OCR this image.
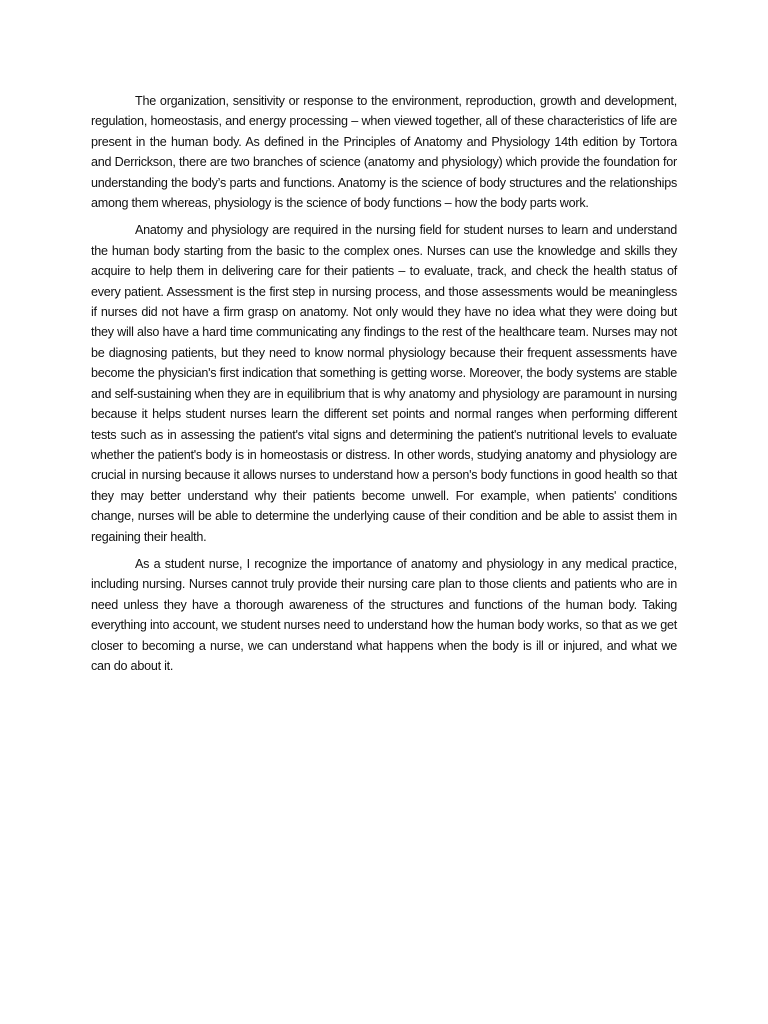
The organization, sensitivity or response to the environment, reproduction, growth and development, regulation, homeostasis, and energy processing – when viewed together, all of these characteristics of life are present in the human body. As defined in the Principles of Anatomy and Physiology 14th edition by Tortora and Derrickson, there are two branches of science (anatomy and physiology) which provide the foundation for understanding the body’s parts and functions. Anatomy is the science of body structures and the relationships among them whereas, physiology is the science of body functions – how the body parts work.

Anatomy and physiology are required in the nursing field for student nurses to learn and understand the human body starting from the basic to the complex ones. Nurses can use the knowledge and skills they acquire to help them in delivering care for their patients – to evaluate, track, and check the health status of every patient. Assessment is the first step in nursing process, and those assessments would be meaningless if nurses did not have a firm grasp on anatomy. Not only would they have no idea what they were doing but they will also have a hard time communicating any findings to the rest of the healthcare team. Nurses may not be diagnosing patients, but they need to know normal physiology because their frequent assessments have become the physician's first indication that something is getting worse. Moreover, the body systems are stable and self-sustaining when they are in equilibrium that is why anatomy and physiology are paramount in nursing because it helps student nurses learn the different set points and normal ranges when performing different tests such as in assessing the patient's vital signs and determining the patient's nutritional levels to evaluate whether the patient's body is in homeostasis or distress. In other words, studying anatomy and physiology are crucial in nursing because it allows nurses to understand how a person's body functions in good health so that they may better understand why their patients become unwell. For example, when patients' conditions change, nurses will be able to determine the underlying cause of their condition and be able to assist them in regaining their health.

As a student nurse, I recognize the importance of anatomy and physiology in any medical practice, including nursing. Nurses cannot truly provide their nursing care plan to those clients and patients who are in need unless they have a thorough awareness of the structures and functions of the human body. Taking everything into account, we student nurses need to understand how the human body works, so that as we get closer to becoming a nurse, we can understand what happens when the body is ill or injured, and what we can do about it.
